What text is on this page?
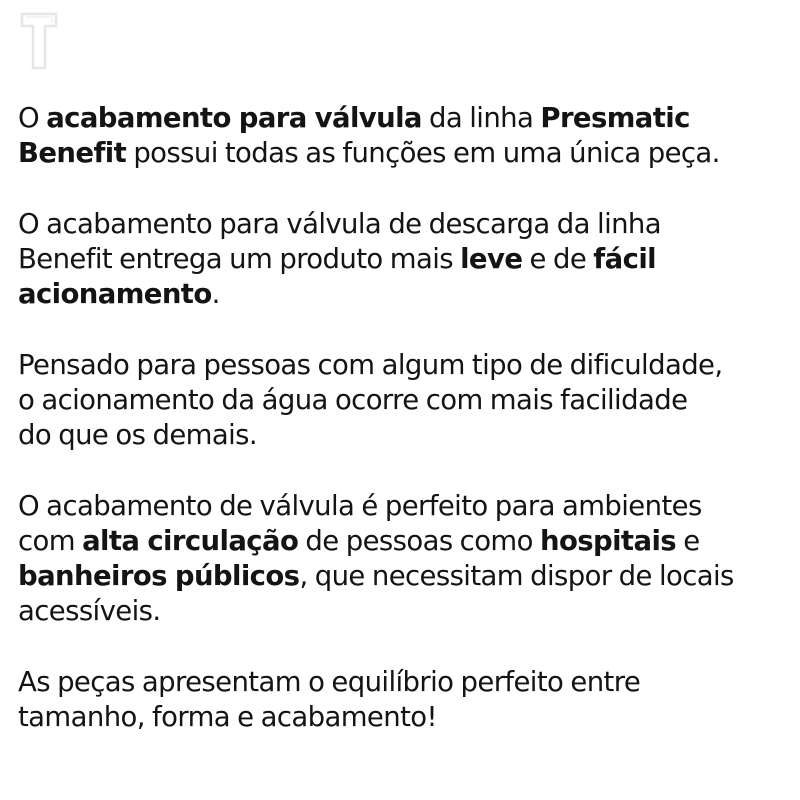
O acabamento para válvula da linha Presmatic
Benefit possui todas as funções em uma única peça.

O acabamento para válvula de descarga da linha
Benefit entrega um produto mais leve e de fácil
acionamento.

Pensado para pessoas com algum tipo de dificuldade,
o acionamento da água ocorre com mais facilidade
do que os demais.

O acabamento de válvula é perfeito para ambientes
com alta circulação de pessoas como hospitais e
banheiros públicos, que necessitam dispor de locais
acessíveis.

As peças apresentam o equilíbrio perfeito entre
tamanho, forma e acabamento!
